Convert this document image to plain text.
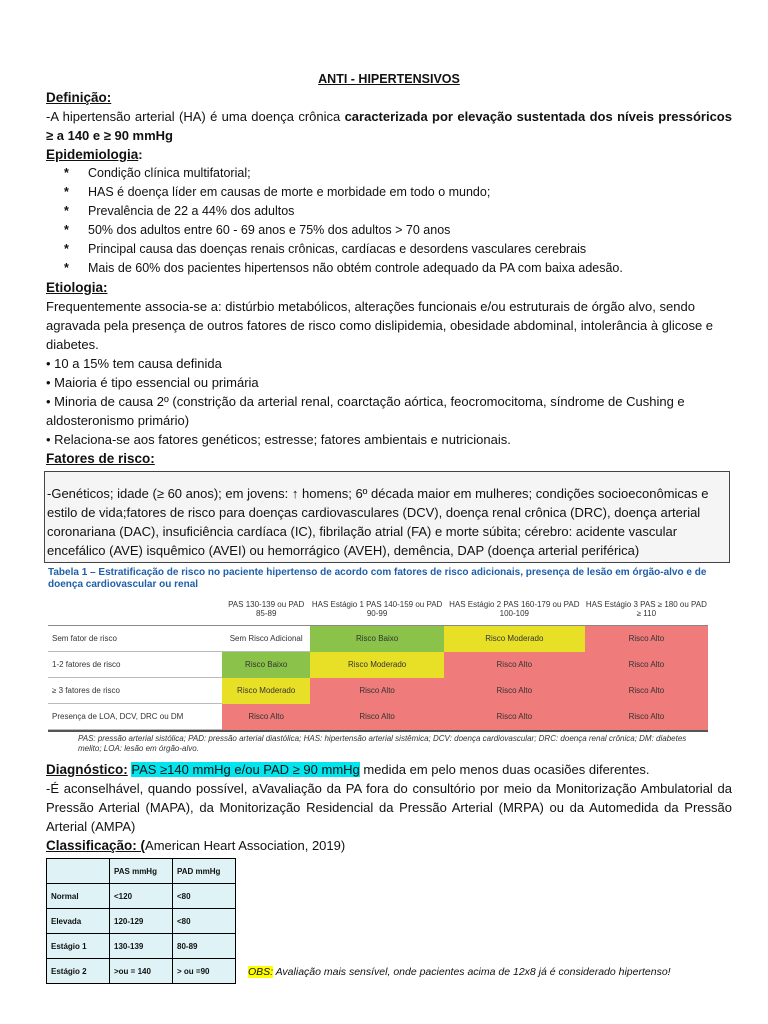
ANTI - HIPERTENSIVOS
Definição:

-A hipertensão arterial (HA) é uma doença crônica caracterizada por elevação sustentada dos níveis pressóricos ≥ a 140 e ≥ 90 mmHg

Epidemiologia:
* Condição clínica multifatorial;
* HAS é doença líder em causas de morte e morbidade em todo o mundo;
* Prevalência de 22 a 44% dos adultos
* 50% dos adultos entre 60 - 69 anos e 75% dos adultos > 70 anos
* Principal causa das doenças renais crônicas, cardíacas e desordens vasculares cerebrais
* Mais de 60% dos pacientes hipertensos não obtém controle adequado da PA com baixa adesão.
Etiologia:

Frequentemente associa-se a: distúrbio metabólicos, alterações funcionais e/ou estruturais de órgão alvo, sendo agravada pela presença de outros fatores de risco como dislipidemia, obesidade abdominal, intolerância à glicose e diabetes.

• 10 a 15% tem causa definida

• Maioria é tipo essencial ou primária

• Minoria de causa 2º (constrição da arterial renal, coarctação aórtica, feocromocitoma, síndrome de Cushing e aldosteronismo primário)

• Relaciona-se aos fatores genéticos; estresse; fatores ambientais e nutricionais.

Fatores de risco:
-Genéticos; idade (≥ 60 anos); em jovens: ↑ homens; 6º década maior em mulheres; condições socioeconômicas e estilo de vida;fatores de risco para doenças cardiovasculares (DCV), doença renal crônica (DRC), doença arterial coronariana (DAC), insuficiência cardíaca (IC), fibrilação atrial (FA) e morte súbita; cérebro: acidente vascular encefálico (AVE) isquêmico (AVEI) ou hemorrágico (AVEH), demência, DAP (doença arterial periférica)
Tabela 1 – Estratificação de risco no paciente hipertenso de acordo com fatores de risco adicionais, presença de lesão em órgão-alvo e de doença cardiovascular ou renal
	PAS 130-139 ou PAD 85-89	HAS Estágio 1 PAS 140-159 ou PAD 90-99	HAS Estágio 2 PAS 160-179 ou PAD 100-109	HAS Estágio 3 PAS ≥ 180 ou PAD ≥ 110
Sem fator de risco	Sem Risco Adicional	Risco Baixo	Risco Moderado	Risco Alto
1-2 fatores de risco	Risco Baixo	Risco Moderado	Risco Alto	Risco Alto
≥ 3 fatores de risco	Risco Moderado	Risco Alto	Risco Alto	Risco Alto
Presença de LOA, DCV, DRC ou DM	Risco Alto	Risco Alto	Risco Alto	Risco Alto
PAS: pressão arterial sistólica; PAD: pressão arterial diastólica; HAS: hipertensão arterial sistêmica; DCV: doença cardiovascular; DRC: doença renal crônica; DM: diabetes melito; LOA: lesão em órgão-alvo.

Diagnóstico: PAS ≥140 mmHg e/ou PAD ≥ 90 mmHg medida em pelo menos duas ocasiões diferentes.

-É aconselhável, quando possível, aVavaliação da PA fora do consultório por meio da Monitorização Ambulatorial da Pressão Arterial (MAPA), da Monitorização Residencial da Pressão Arterial (MRPA) ou da Automedida da Pressão Arterial (AMPA)

Classificação: (American Heart Association, 2019)

	PAS mmHg	PAD mmHg
Normal	<120	<80
Elevada	120-129	<80
Estágio 1	130-139	80-89
Estágio 2	>ou = 140	> ou =90	OBS: Avaliação mais sensível, onde pacientes acima de 12x8 já é considerado hipertenso!
